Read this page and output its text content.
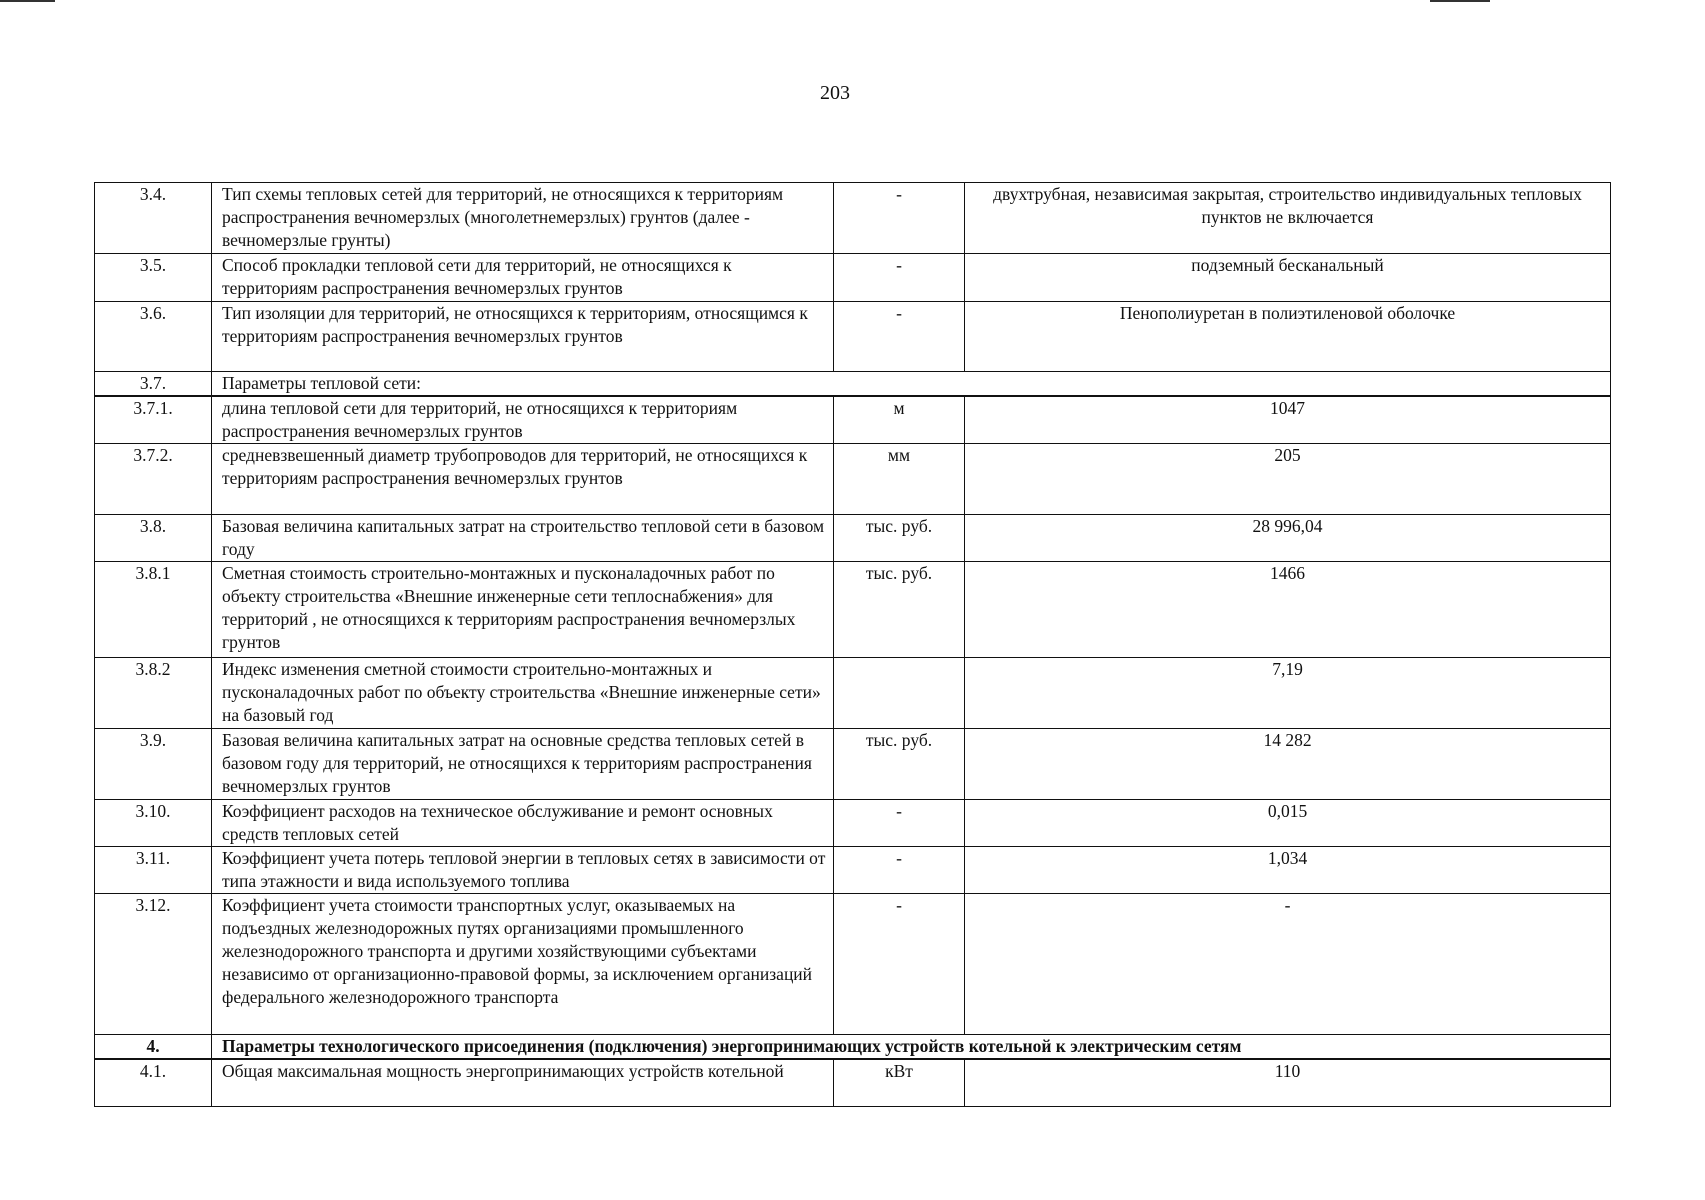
203
3.4.	Тип схемы тепловых сетей для территорий, не относящихся к территориям распространения вечномерзлых (многолетнемерзлых) грунтов (далее - вечномерзлые грунты)	-	двухтрубная, независимая закрытая, строительство индивидуальных тепловых пунктов не включается
3.5.	Способ прокладки тепловой сети для территорий, не относящихся к территориям распространения вечномерзлых грунтов	-	подземный бесканальный
3.6.	Тип изоляции для территорий, не относящихся к территориям, относящимся к территориям распространения вечномерзлых грунтов	-	Пенополиуретан в полиэтиленовой оболочке
3.7.	Параметры тепловой сети:		
3.7.1.	длина тепловой сети для территорий, не относящихся к территориям распространения вечномерзлых грунтов	м	1047
3.7.2.	средневзвешенный диаметр трубопроводов для территорий, не относящихся к территориям распространения вечномерзлых грунтов	мм	205
3.8.	Базовая величина капитальных затрат на строительство тепловой сети в базовом году	тыс. руб.	28 996,04
3.8.1	Сметная стоимость строительно-монтажных и пусконаладочных работ по объекту строительства «Внешние инженерные сети теплоснабжения» для территорий , не относящихся к территориям распространения вечномерзлых грунтов	тыс. руб.	1466
3.8.2	Индекс изменения сметной стоимости строительно-монтажных и пусконаладочных работ по объекту строительства «Внешние инженерные сети» на базовый год		7,19
3.9.	Базовая величина капитальных затрат на основные средства тепловых сетей в базовом году для территорий, не относящихся к территориям распространения вечномерзлых грунтов	тыс. руб.	14 282
3.10.	Коэффициент расходов на техническое обслуживание и ремонт основных средств тепловых сетей	-	0,015
3.11.	Коэффициент учета потерь тепловой энергии в тепловых сетях в зависимости от типа этажности и вида используемого топлива	-	1,034
3.12.	Коэффициент учета стоимости транспортных услуг, оказываемых на подъездных железнодорожных путях организациями промышленного железнодорожного транспорта и другими хозяйствующими субъектами независимо от организационно-правовой формы, за исключением организаций федерального железнодорожного транспорта	-	-
4.	Параметры технологического присоединения (подключения) энергопринимающих устройств котельной к электрическим сетям		
4.1.	Общая максимальная мощность энергопринимающих устройств котельной	кВт	110
